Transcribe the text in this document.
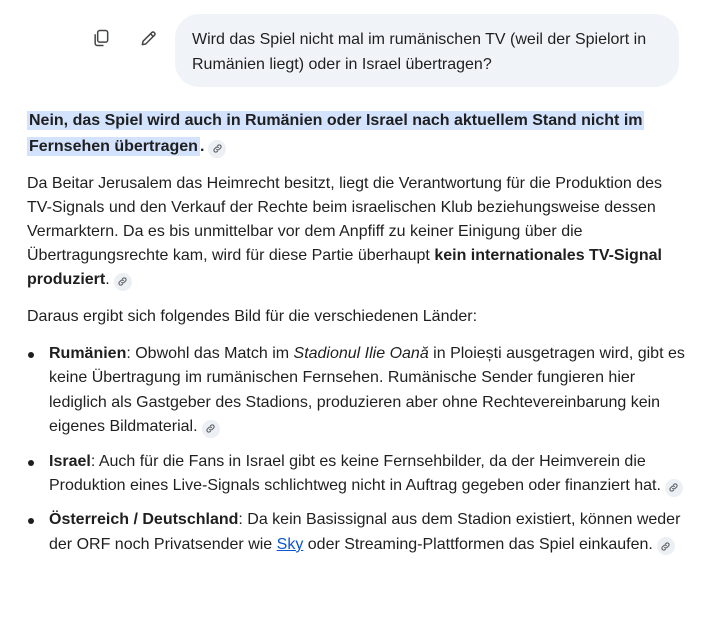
Wird das Spiel nicht mal im rumänischen TV (weil der Spielort in Rumänien liegt) oder in Israel übertragen?

Nein, das Spiel wird auch in Rumänien oder Israel nach aktuellem Stand nicht im Fernsehen übertragen .

Da Beitar Jerusalem das Heimrecht besitzt, liegt die Verantwortung für die Produktion des TV-Signals und den Verkauf der Rechte beim israelischen Klub beziehungsweise dessen Vermarktern. Da es bis unmittelbar vor dem Anpfiff zu keiner Einigung über die Übertragungsrechte kam, wird für diese Partie überhaupt kein internationales TV-Signal produziert.

Daraus ergibt sich folgendes Bild für die verschiedenen Länder:

Rumänien: Obwohl das Match im Stadionul Ilie Oană in Ploiești ausgetragen wird, gibt es keine Übertragung im rumänischen Fernsehen. Rumänische Sender fungieren hier lediglich als Gastgeber des Stadions, produzieren aber ohne Rechtevereinbarung kein eigenes Bildmaterial.
Israel: Auch für die Fans in Israel gibt es keine Fernsehbilder, da der Heimverein die Produktion eines Live-Signals schlichtweg nicht in Auftrag gegeben oder finanziert hat.
Österreich / Deutschland: Da kein Basissignal aus dem Stadion existiert, können weder der ORF noch Privatsender wie Sky oder Streaming-Plattformen das Spiel einkaufen.
